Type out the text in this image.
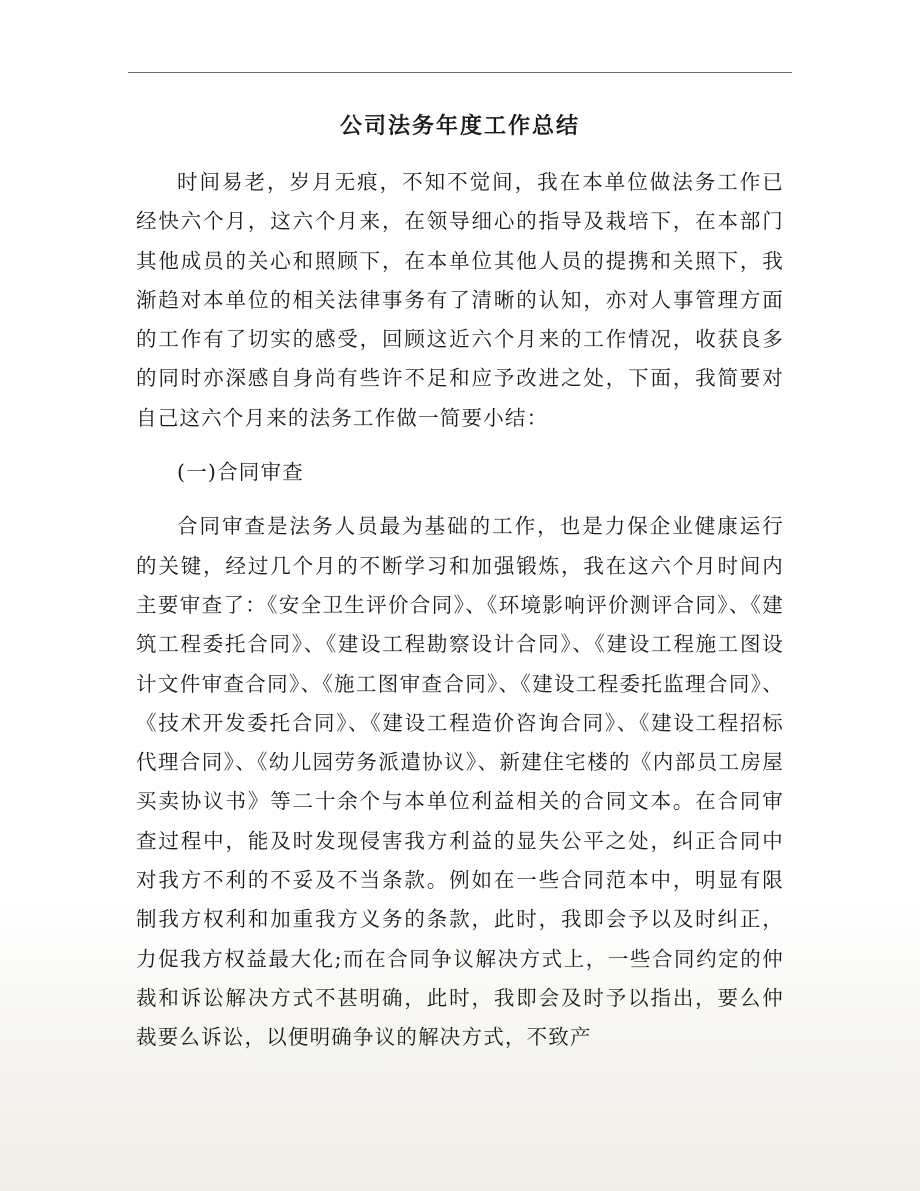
公司法务年度工作总结

时间易老，岁月无痕，不知不觉间，我在本单位做法务工作已经快六个月，这六个月来，在领导细心的指导及栽培下，在本部门其他成员的关心和照顾下，在本单位其他人员的提携和关照下，我渐趋对本单位的相关法律事务有了清晰的认知，亦对人事管理方面的工作有了切实的感受，回顾这近六个月来的工作情况，收获良多的同时亦深感自身尚有些许不足和应予改进之处，下面，我简要对自己这六个月来的法务工作做一简要小结：

(一)合同审查

合同审查是法务人员最为基础的工作，也是力保企业健康运行的关键，经过几个月的不断学习和加强锻炼，我在这六个月时间内主要审查了：《安全卫生评价合同》、《环境影响评价测评合同》、《建筑工程委托合同》、《建设工程勘察设计合同》、《建设工程施工图设计文件审查合同》、《施工图审查合同》、《建设工程委托监理合同》、《技术开发委托合同》、《建设工程造价咨询合同》、《建设工程招标代理合同》、《幼儿园劳务派遣协议》、新建住宅楼的《内部员工房屋买卖协议书》等二十余个与本单位利益相关的合同文本。在合同审查过程中，能及时发现侵害我方利益的显失公平之处，纠正合同中对我方不利的不妥及不当条款。例如在一些合同范本中，明显有限制我方权利和加重我方义务的条款，此时，我即会予以及时纠正，力促我方权益最大化;而在合同争议解决方式上，一些合同约定的仲裁和诉讼解决方式不甚明确，此时，我即会及时予以指出，要么仲裁要么诉讼，以便明确争议的解决方式，不致产
